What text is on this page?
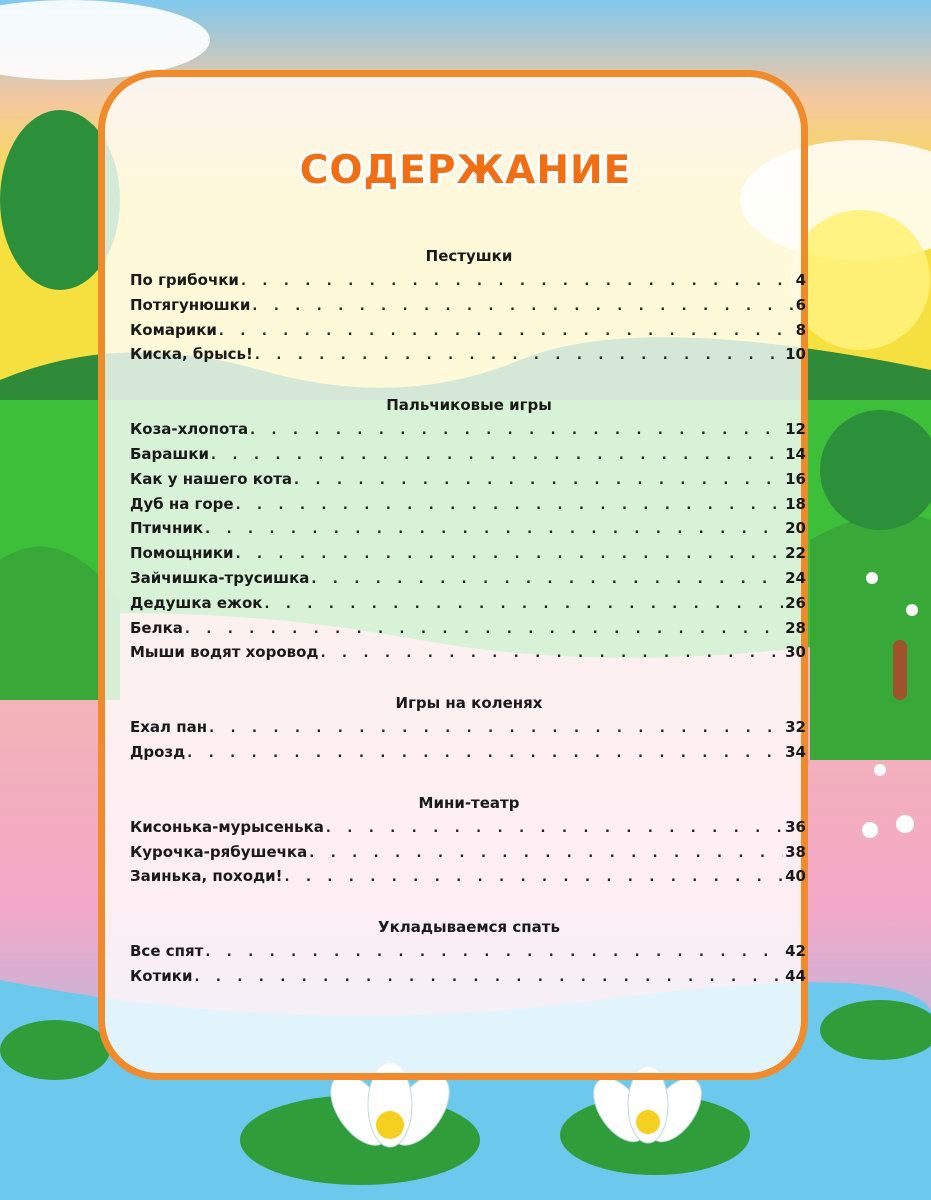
СОДЕРЖАНИЕ
Пестушки
По грибочки . . .	4
Потягунюшки . . .	6
Комарики . . .	8
Киска, брысь! . . .	10
Пальчиковые игры
Коза-хлопота . . .	12
Барашки . . .	14
Как у нашего кота . . .	16
Дуб на горе . . .	18
Птичник . . .	20
Помощники . . .	22
Зайчишка-трусишка . . .	24
Дедушка ежок . . .	26
Белка . . .	28
Мыши водят хоровод . . .	30
Игры на коленях
Ехал пан . . .	32
Дрозд . . .	34
Мини-театр
Кисонька-мурысенька . . .	36
Курочка-рябушечка . . .	38
Заинька, походи! . . .	40
Укладываемся спать
Все спят . . .	42
Котики . . .	44
